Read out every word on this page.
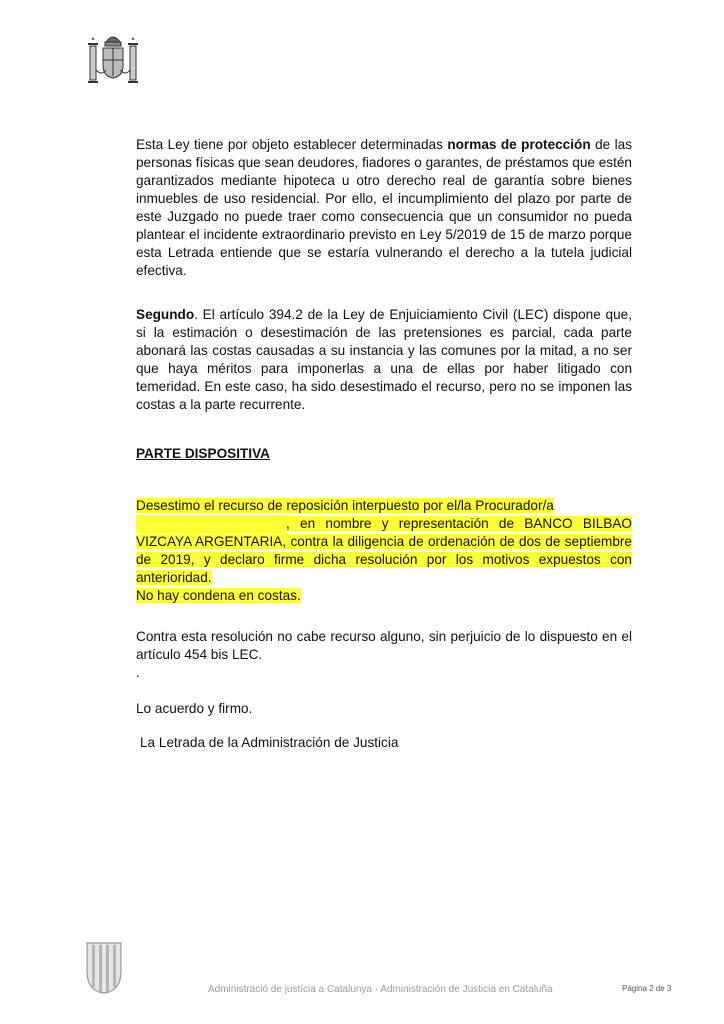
Esta Ley tiene por objeto establecer determinadas normas de protección de las personas físicas que sean deudores, fiadores o garantes, de préstamos que estén garantizados mediante hipoteca u otro derecho real de garantía sobre bienes inmuebles de uso residencial. Por ello, el incumplimiento del plazo por parte de este Juzgado no puede traer como consecuencia que un consumidor no pueda plantear el incidente extraordinario previsto en Ley 5/2019 de 15 de marzo porque esta Letrada entiende que se estaría vulnerando el derecho a la tutela judicial efectiva.

Segundo. El artículo 394.2 de la Ley de Enjuiciamiento Civil (LEC) dispone que, si la estimación o desestimación de las pretensiones es parcial, cada parte abonará las costas causadas a su instancia y las comunes por la mitad, a no ser que haya méritos para imponerlas a una de ellas por haber litigado con temeridad. En este caso, ha sido desestimado el recurso, pero no se imponen las costas a la parte recurrente.

PARTE DISPOSITIVA

Desestimo el recurso de reposición interpuesto por el/la Procurador/a
, en nombre y representación de BANCO BILBAO VIZCAYA ARGENTARIA, contra la diligencia de ordenación de dos de septiembre de 2019, y declaro firme dicha resolución por los motivos expuestos con anterioridad.
No hay condena en costas.

Contra esta resolución no cabe recurso alguno, sin perjuicio de lo dispuesto en el artículo 454 bis LEC.

.

Lo acuerdo y firmo.
La Letrada de la Administración de Justicia
Administració de justícia a Catalunya · Administración de Justicia en Cataluña	Página 2 de 3
